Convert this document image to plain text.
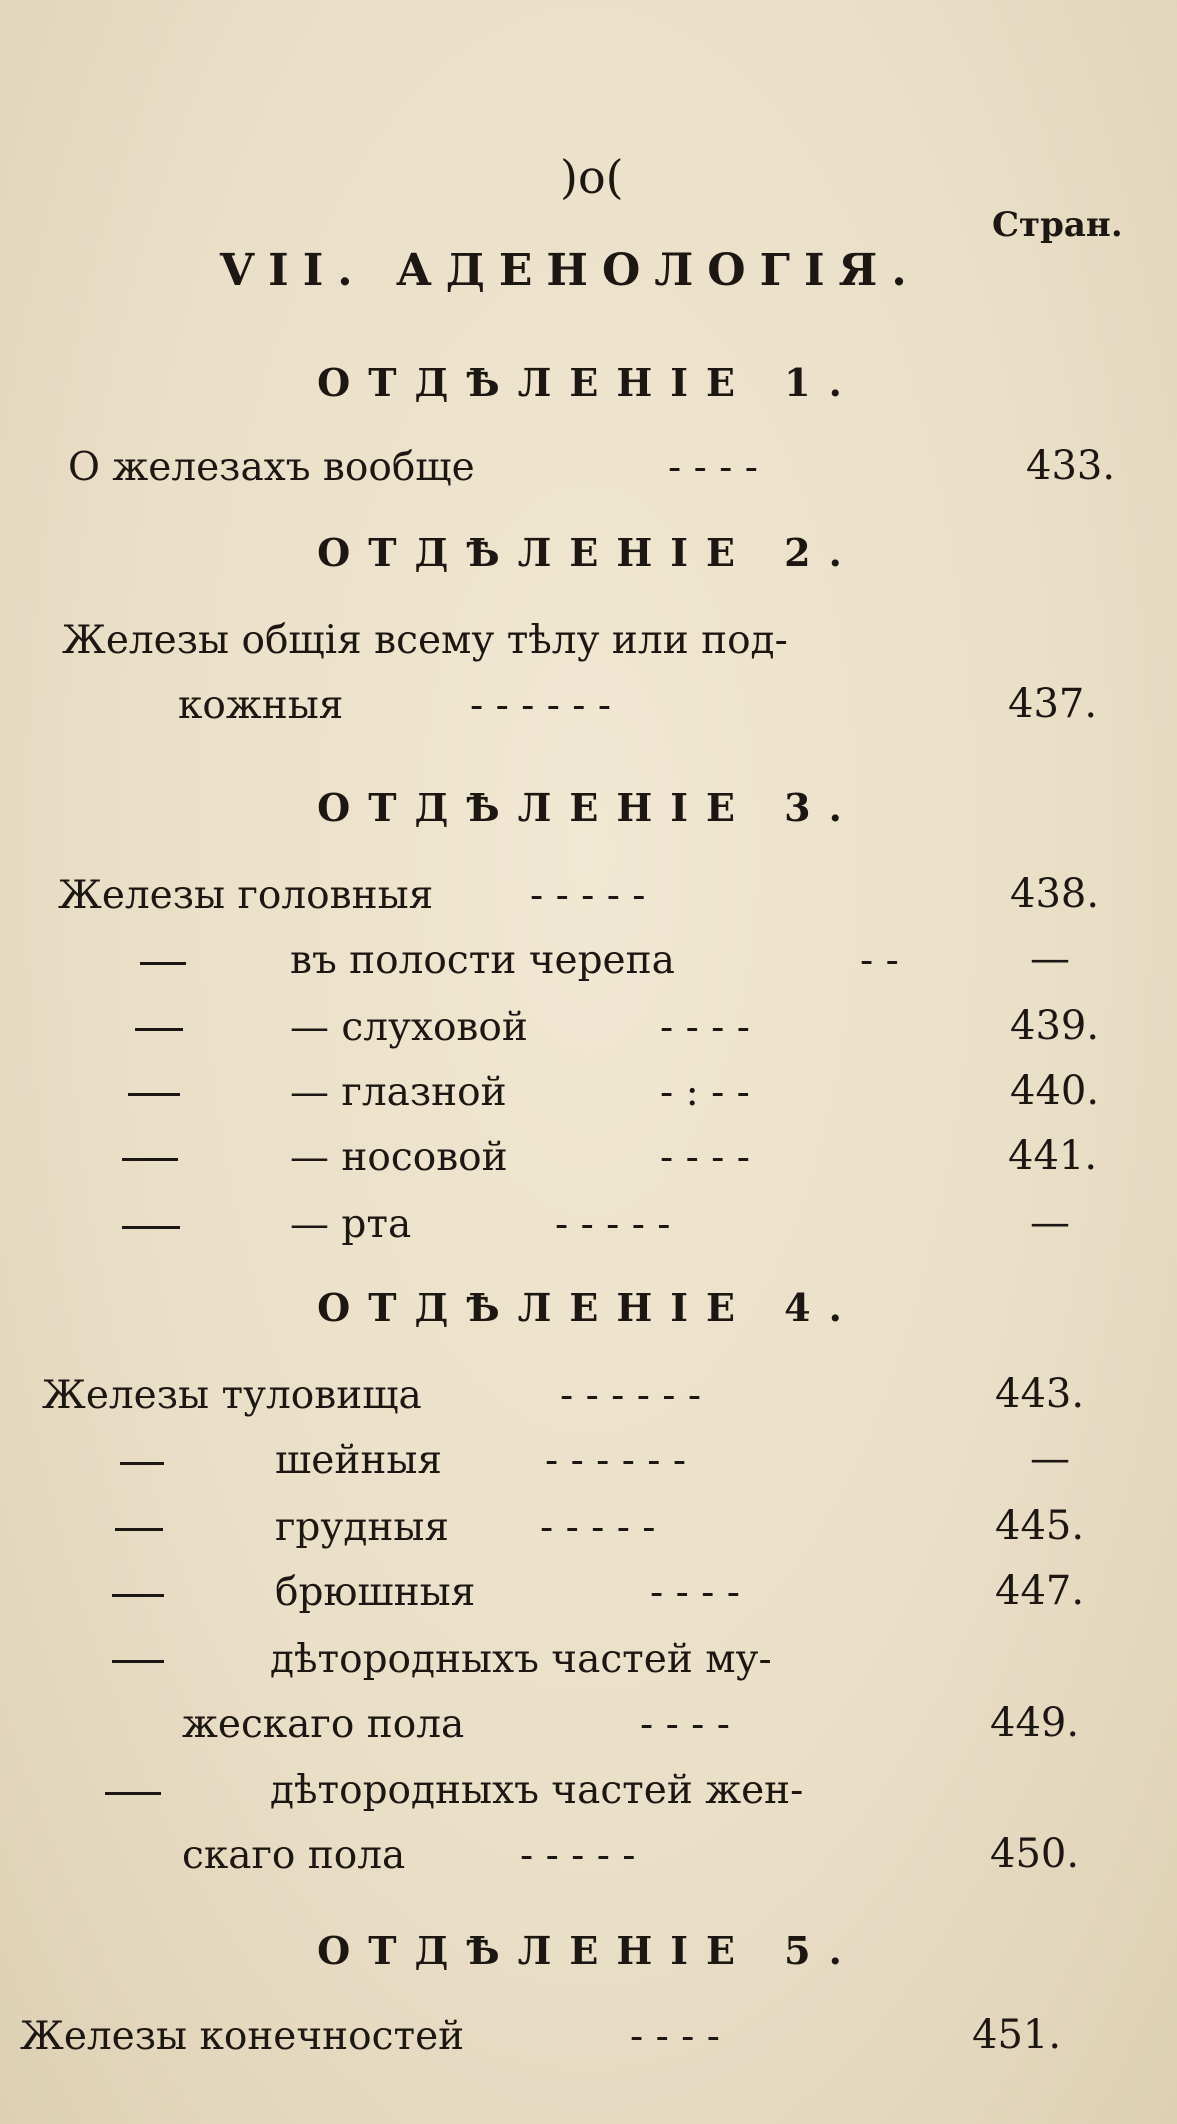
)o(
Стран.
VII. АДЕНОЛОГІЯ.
ОТДѢЛЕНІЕ 1.
О железахъ вообще	- - - -	433.
ОТДѢЛЕНІЕ 2.
Железы общія всему тѣлу или под-
кожныя	- - - - - -	437.
ОТДѢЛЕНІЕ 3.
Железы головныя - - - - -	438.
въ полости черепа	- -	—
— слуховой	- - - -	439.
— глазной	- : - -	440.
— носовой	- - - -	441.
— рта	- - - - -	—
ОТДѢЛЕНІЕ 4.
Железы туловища	- - - - - -	443.
шейныя	- - - - - -	—
грудныя - - - - -	445.
брюшныя	- - - -	447.
дѣтородныхъ частей му-
жескаго пола	- - - -	449.
дѣтородныхъ частей жен-
скаго пола	- - - - -	450.
ОТДѢЛЕНІЕ 5.
Железы конечностей	- - - -	451.
